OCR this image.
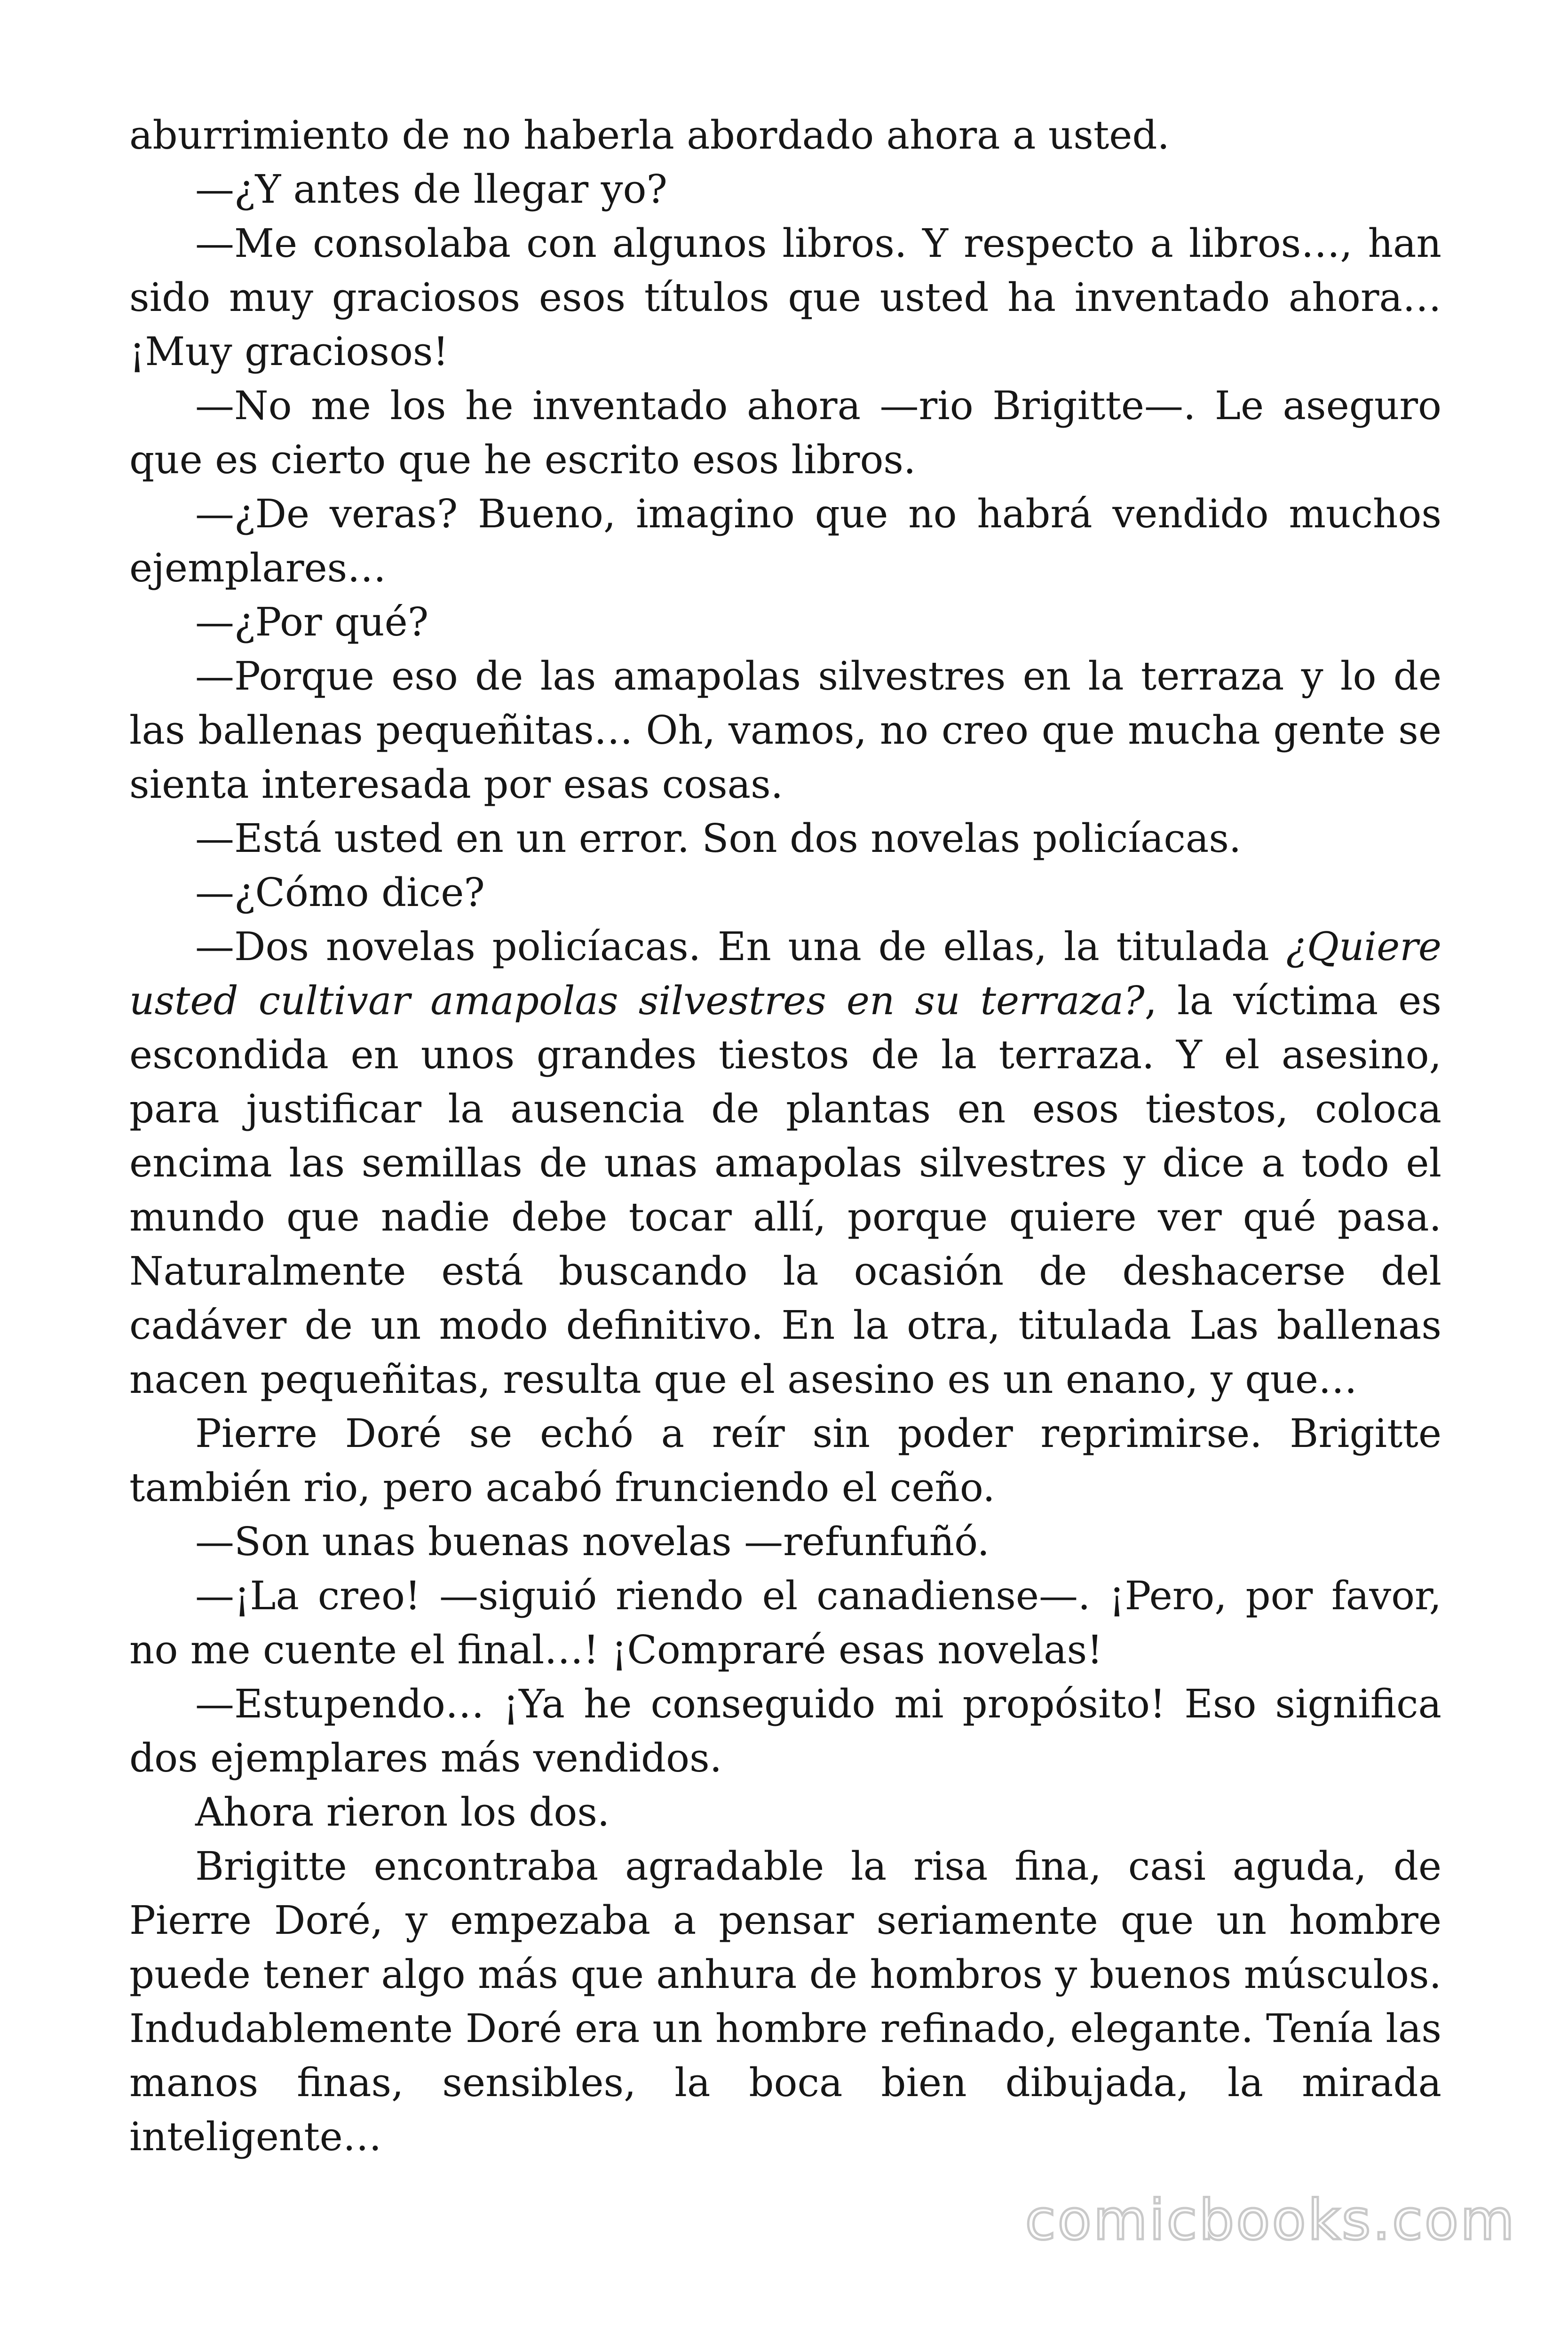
aburrimiento de no haberla abordado ahora a usted.

—¿Y antes de llegar yo?

—Me consolaba con algunos libros. Y respecto a libros…, han sido muy graciosos esos títulos que usted ha inventado ahora… ¡Muy graciosos!

—No me los he inventado ahora —rio Brigitte—. Le aseguro que es cierto que he escrito esos libros.

—¿De veras? Bueno, imagino que no habrá vendido muchos ejemplares…

—¿Por qué?

—Porque eso de las amapolas silvestres en la terraza y lo de las ballenas pequeñitas… Oh, vamos, no creo que mucha gente se sienta interesada por esas cosas.

—Está usted en un error. Son dos novelas policíacas.

—¿Cómo dice?

—Dos novelas policíacas. En una de ellas, la titulada ¿Quiere usted cultivar amapolas silvestres en su terraza?, la víctima es escondida en unos grandes tiestos de la terraza. Y el asesino, para justificar la ausencia de plantas en esos tiestos, coloca encima las semillas de unas amapolas silvestres y dice a todo el mundo que nadie debe tocar allí, porque quiere ver qué pasa. Naturalmente está buscando la ocasión de deshacerse del cadáver de un modo definitivo. En la otra, titulada Las ballenas nacen pequeñitas, resulta que el asesino es un enano, y que…

Pierre Doré se echó a reír sin poder reprimirse. Brigitte también rio, pero acabó frunciendo el ceño.

—Son unas buenas novelas —refunfuñó.

—¡La creo! —siguió riendo el canadiense—. ¡Pero, por favor, no me cuente el final…! ¡Compraré esas novelas!

—Estupendo… ¡Ya he conseguido mi propósito! Eso significa dos ejemplares más vendidos.

Ahora rieron los dos.

Brigitte encontraba agradable la risa fina, casi aguda, de Pierre Doré, y empezaba a pensar seriamente que un hombre puede tener algo más que anhura de hombros y buenos músculos. Indudablemente Doré era un hombre refinado, elegante. Tenía las manos finas, sensibles, la boca bien dibujada, la mirada inteligente…

comicbooks.com
